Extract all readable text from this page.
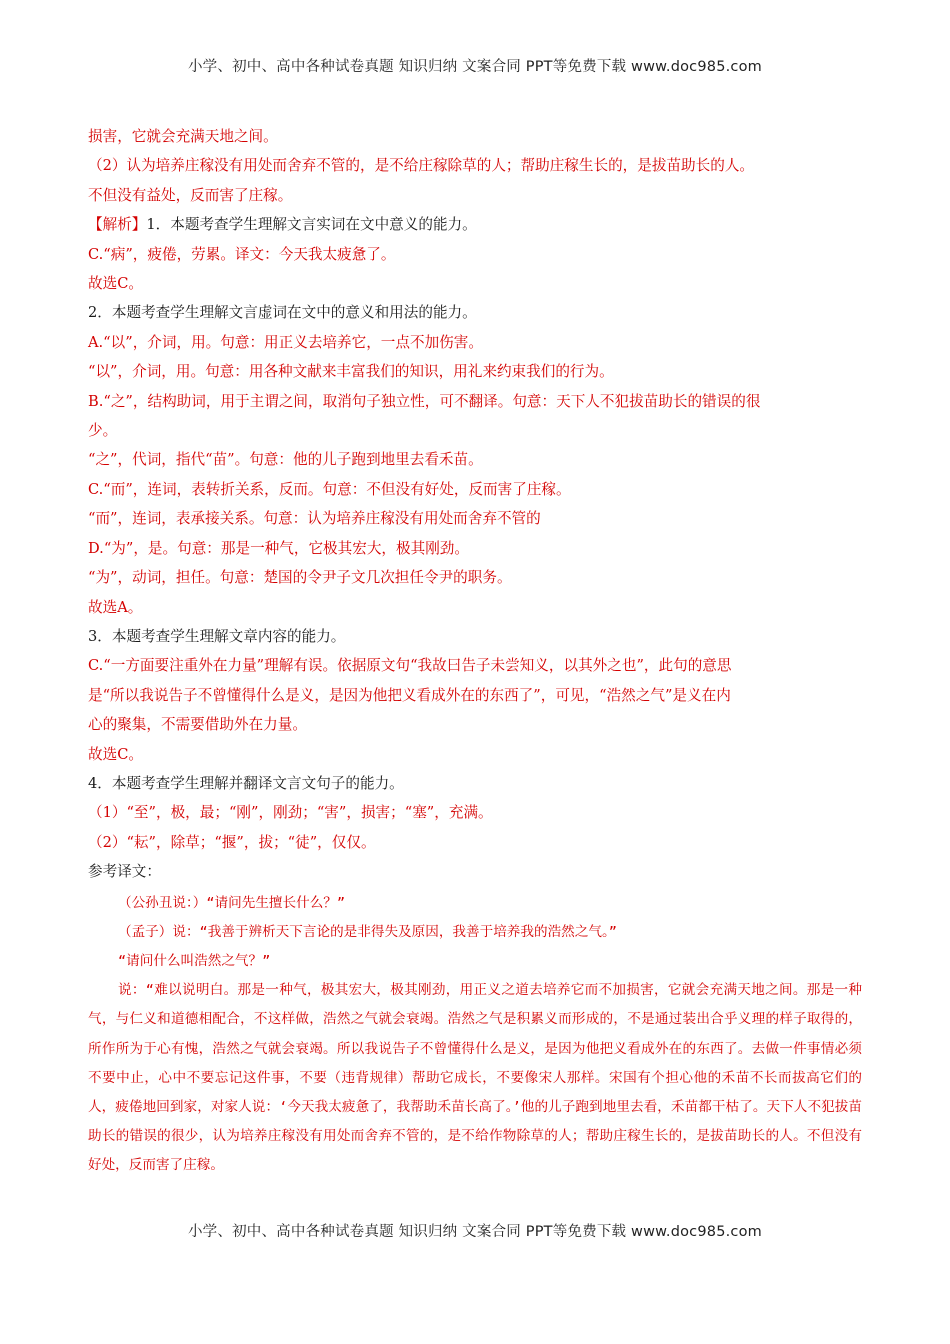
小学、初中、高中各种试卷真题 知识归纳 文案合同 PPT等免费下载 www.doc985.com
损害，它就会充满天地之间。
（2）认为培养庄稼没有用处而舍弃不管的，是不给庄稼除草的人；帮助庄稼生长的，是拔苗助长的人。
不但没有益处，反而害了庄稼。
【解析】1．本题考查学生理解文言实词在文中意义的能力。
C.“病”，疲倦，劳累。译文：今天我太疲惫了。
故选C。
2．本题考查学生理解文言虚词在文中的意义和用法的能力。
A.“以”，介词，用。句意：用正义去培养它，一点不加伤害。
“以”，介词，用。句意：用各种文献来丰富我们的知识，用礼来约束我们的行为。
B.“之”，结构助词，用于主谓之间，取消句子独立性，可不翻译。句意：天下人不犯拔苗助长的错误的很
少。
“之”，代词，指代“苗”。句意：他的儿子跑到地里去看禾苗。
C.“而”，连词，表转折关系，反而。句意：不但没有好处，反而害了庄稼。
“而”，连词，表承接关系。句意：认为培养庄稼没有用处而舍弃不管的
D.“为”，是。句意：那是一种气，它极其宏大，极其刚劲。
“为”，动词，担任。句意：楚国的令尹子文几次担任令尹的职务。
故选A。
3．本题考查学生理解文章内容的能力。
C.“一方面要注重外在力量”理解有误。依据原文句“我故曰告子未尝知义，以其外之也”，此句的意思
是“所以我说告子不曾懂得什么是义，是因为他把义看成外在的东西了”，可见，“浩然之气”是义在内
心的聚集，不需要借助外在力量。
故选C。
4．本题考查学生理解并翻译文言文句子的能力。
（1）“至”，极，最；“刚”，刚劲；“害”，损害；“塞”，充满。
（2）“耘”，除草；“揠”，拔；“徒”，仅仅。
参考译文：
（公孙丑说：）“请问先生擅长什么？”
（孟子）说：“我善于辨析天下言论的是非得失及原因，我善于培养我的浩然之气。”
“请问什么叫浩然之气？”
说：“难以说明白。那是一种气，极其宏大，极其刚劲，用正义之道去培养它而不加损害，它就会充满天地之间。那是一种气，与仁义和道德相配合，不这样做，浩然之气就会衰竭。浩然之气是积累义而形成的，不是通过装出合乎义理的样子取得的，所作所为于心有愧，浩然之气就会衰竭。所以我说告子不曾懂得什么是义，是因为他把义看成外在的东西了。去做一件事情必须不要中止，心中不要忘记这件事，不要（违背规律）帮助它成长，不要像宋人那样。宋国有个担心他的禾苗不长而拔高它们的人，疲倦地回到家，对家人说：‘今天我太疲惫了，我帮助禾苗长高了。’他的儿子跑到地里去看，禾苗都干枯了。天下人不犯拔苗助长的错误的很少，认为培养庄稼没有用处而舍弃不管的，是不给作物除草的人；帮助庄稼生长的，是拔苗助长的人。不但没有好处，反而害了庄稼。
小学、初中、高中各种试卷真题 知识归纳 文案合同 PPT等免费下载 www.doc985.com
